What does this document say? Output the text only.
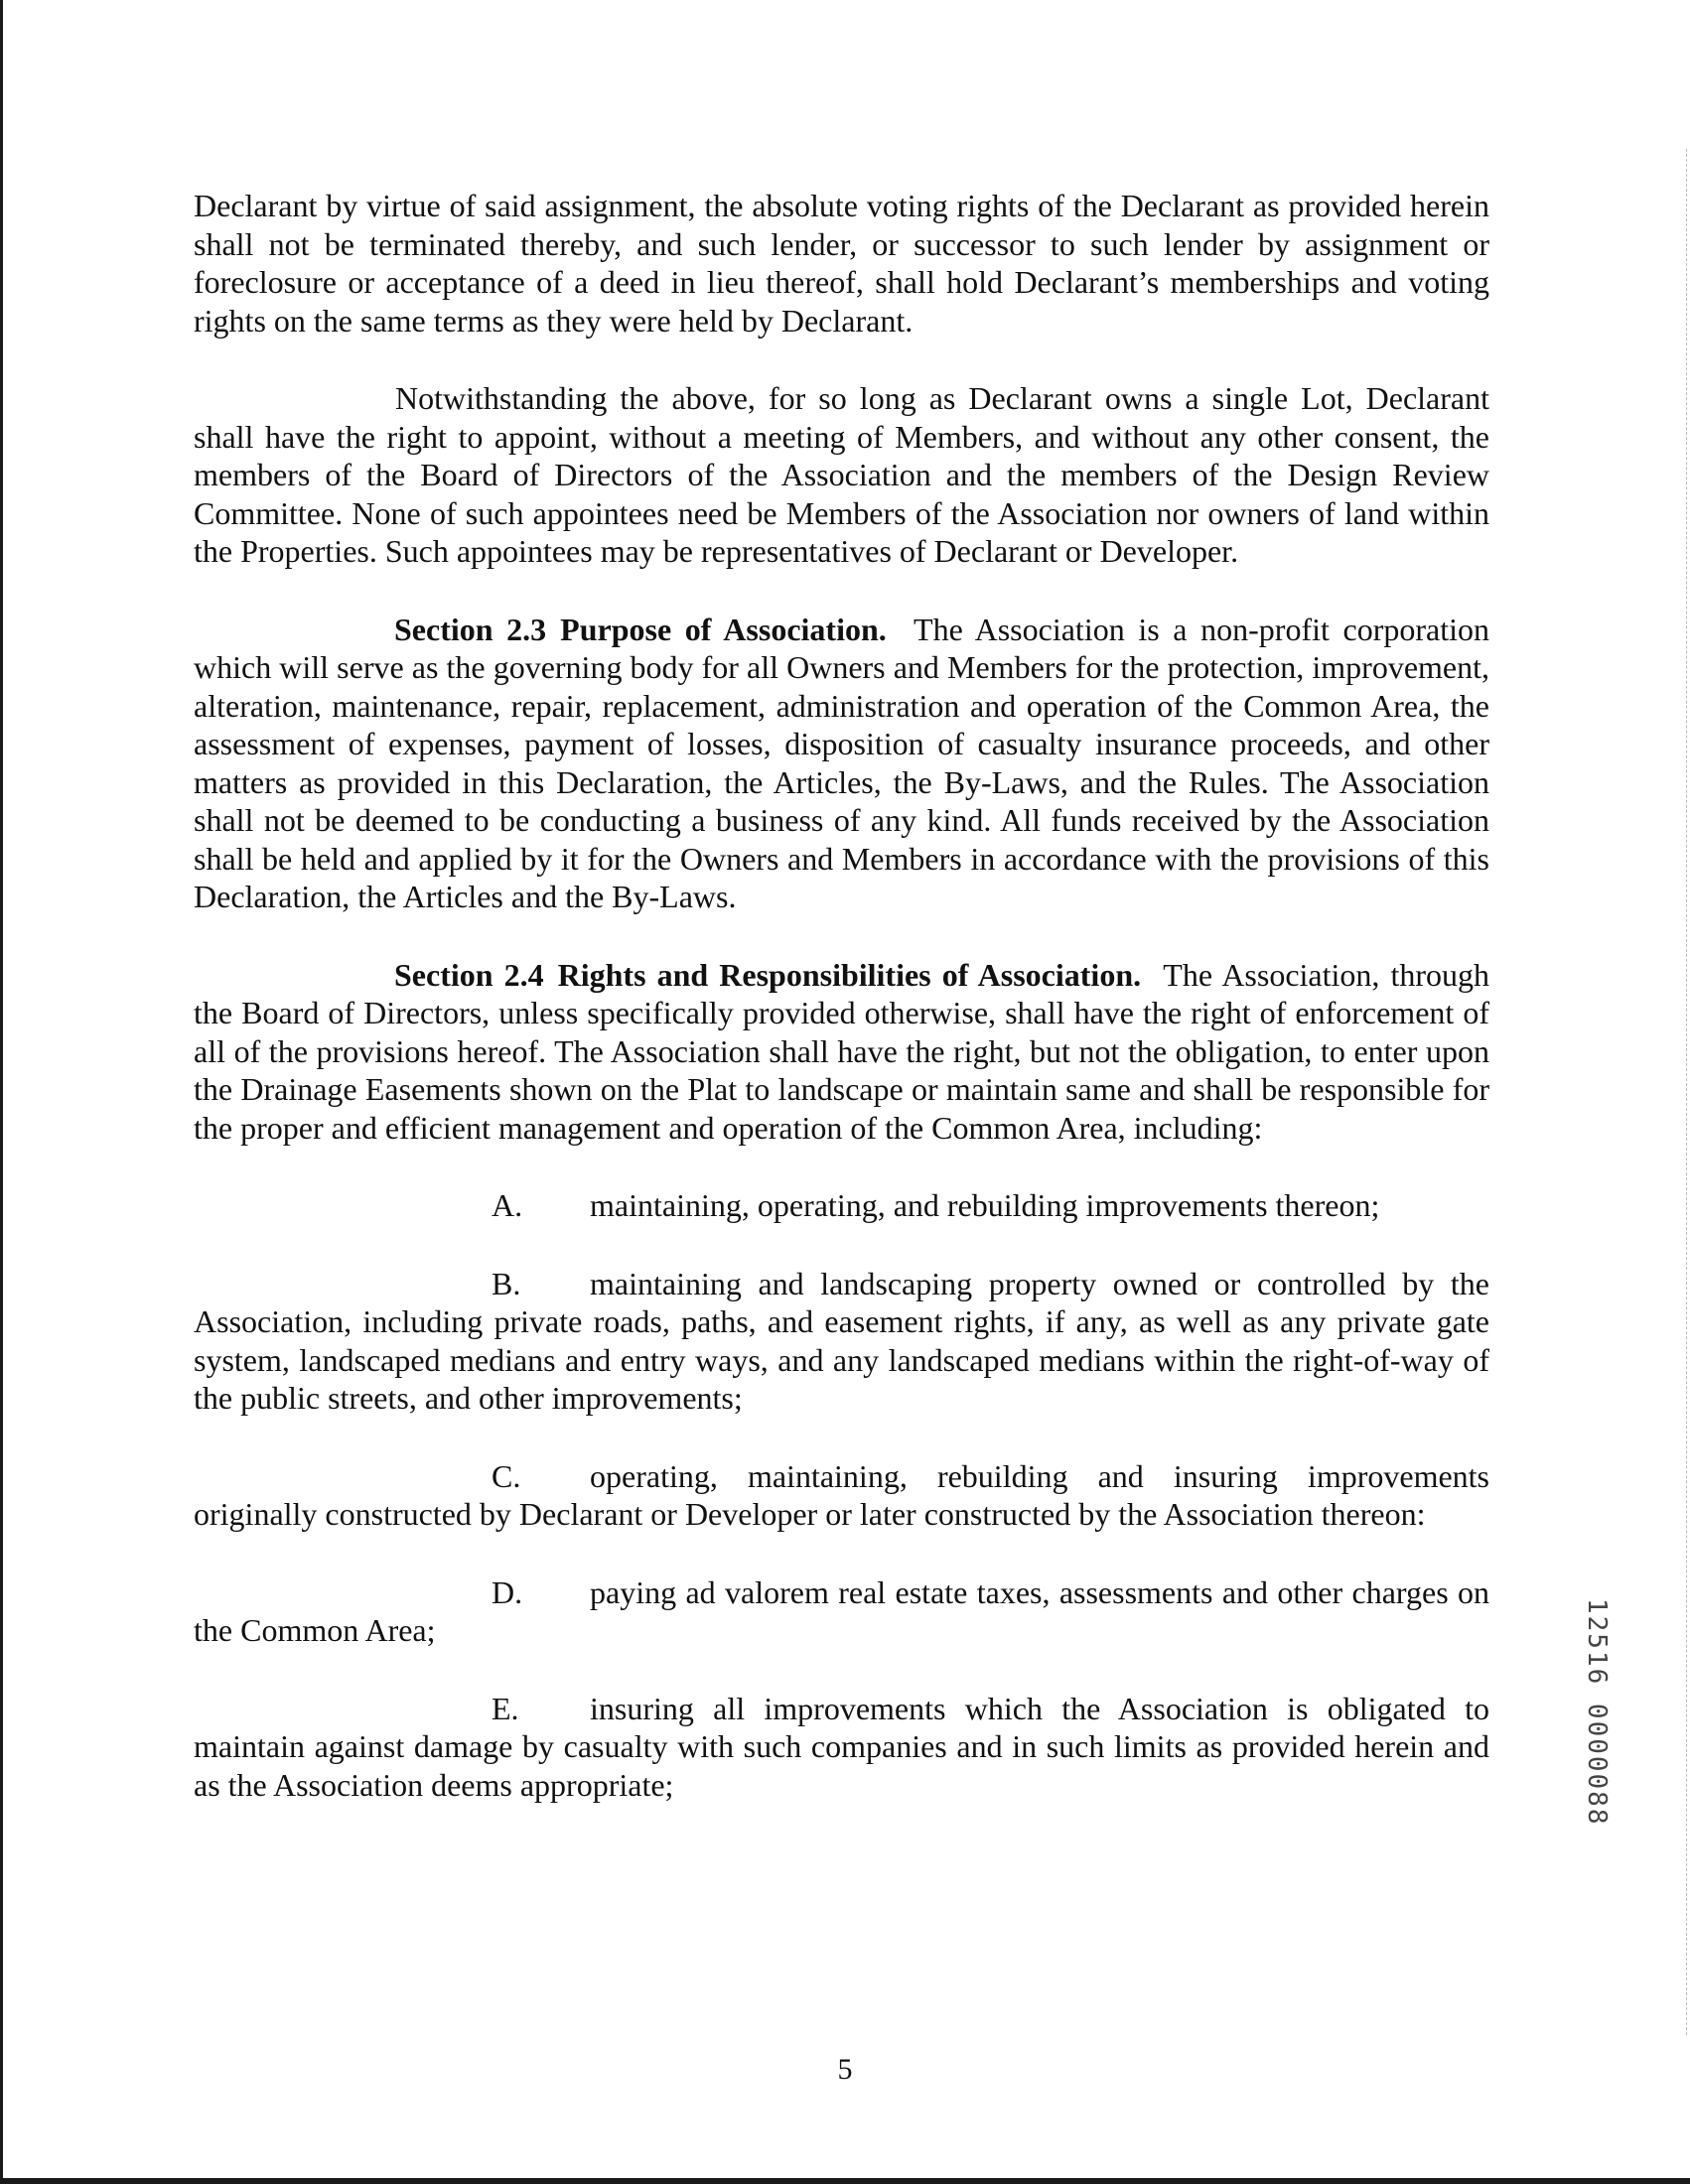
Declarant by virtue of said assignment, the absolute voting rights of the Declarant as provided herein shall not be terminated thereby, and such lender, or successor to such lender by assignment or foreclosure or acceptance of a deed in lieu thereof, shall hold Declarant’s memberships and voting rights on the same terms as they were held by Declarant.

Notwithstanding the above, for so long as Declarant owns a single Lot, Declarant shall have the right to appoint, without a meeting of Members, and without any other consent, the members of the Board of Directors of the Association and the members of the Design Review Committee. None of such appointees need be Members of the Association nor owners of land within the Properties. Such appointees may be representatives of Declarant or Developer.

Section 2.3 Purpose of Association. The Association is a non-profit corporation which will serve as the governing body for all Owners and Members for the protection, improvement, alteration, maintenance, repair, replacement, administration and operation of the Common Area, the assessment of expenses, payment of losses, disposition of casualty insurance proceeds, and other matters as provided in this Declaration, the Articles, the By-Laws, and the Rules. The Association shall not be deemed to be conducting a business of any kind. All funds received by the Association shall be held and applied by it for the Owners and Members in accordance with the provisions of this Declaration, the Articles and the By-Laws.

Section 2.4 Rights and Responsibilities of Association. The Association, through the Board of Directors, unless specifically provided otherwise, shall have the right of enforcement of all of the provisions hereof. The Association shall have the right, but not the obligation, to enter upon the Drainage Easements shown on the Plat to landscape or maintain same and shall be responsible for the proper and efficient management and operation of the Common Area, including:

A. maintaining, operating, and rebuilding improvements thereon;

B. maintaining and landscaping property owned or controlled by the Association, including private roads, paths, and easement rights, if any, as well as any private gate system, landscaped medians and entry ways, and any landscaped medians within the right-of-way of the public streets, and other improvements;

C. operating, maintaining, rebuilding and insuring improvements originally constructed by Declarant or Developer or later constructed by the Association thereon:

D. paying ad valorem real estate taxes, assessments and other charges on the Common Area;

E. insuring all improvements which the Association is obligated to maintain against damage by casualty with such companies and in such limits as provided herein and as the Association deems appropriate;	12516 0000088
5
